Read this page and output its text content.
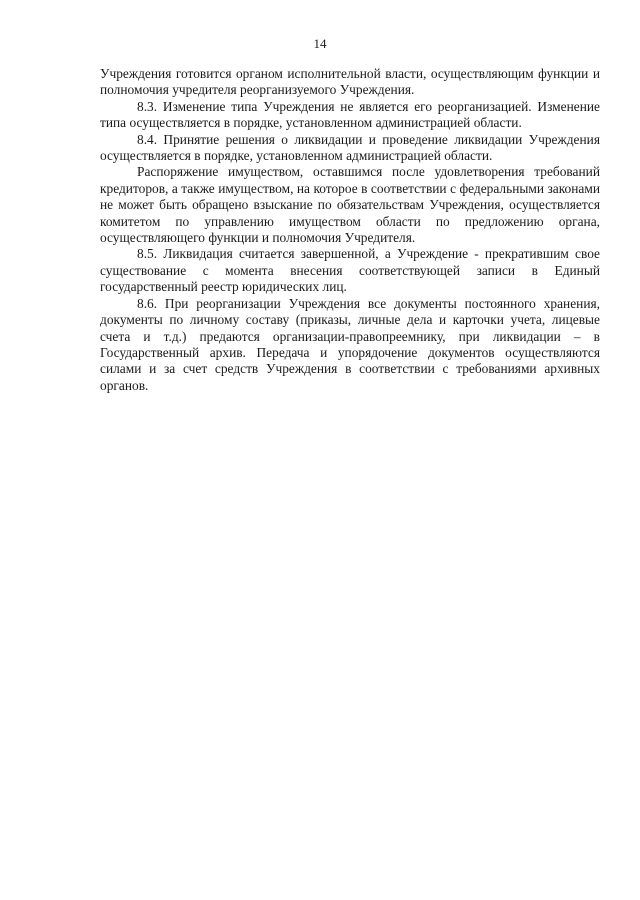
14

Учреждения готовится органом исполнительной власти, осуществляющим функции и полномочия учредителя реорганизуемого Учреждения.

8.3. Изменение типа Учреждения не является его реорганизацией. Изменение типа осуществляется в порядке, установленном администрацией области.

8.4. Принятие решения о ликвидации и проведение ликвидации Учреждения осуществляется в порядке, установленном администрацией области.

Распоряжение имуществом, оставшимся после удовлетворения требований кредиторов, а также имуществом, на которое в соответствии с федеральными законами не может быть обращено взыскание по обязательствам Учреждения, осуществляется комитетом по управлению имуществом области по предложению органа, осуществляющего функции и полномочия Учредителя.

8.5. Ликвидация считается завершенной, а Учреждение - прекратившим свое существование с момента внесения соответствующей записи в Единый государственный реестр юридических лиц.

8.6. При реорганизации Учреждения все документы постоянного хранения, документы по личному составу (приказы, личные дела и карточки учета, лицевые счета и т.д.) предаются организации-правопреемнику, при ликвидации – в Государственный архив. Передача и упорядочение документов осуществляются силами и за счет средств Учреждения в соответствии с требованиями архивных органов.
